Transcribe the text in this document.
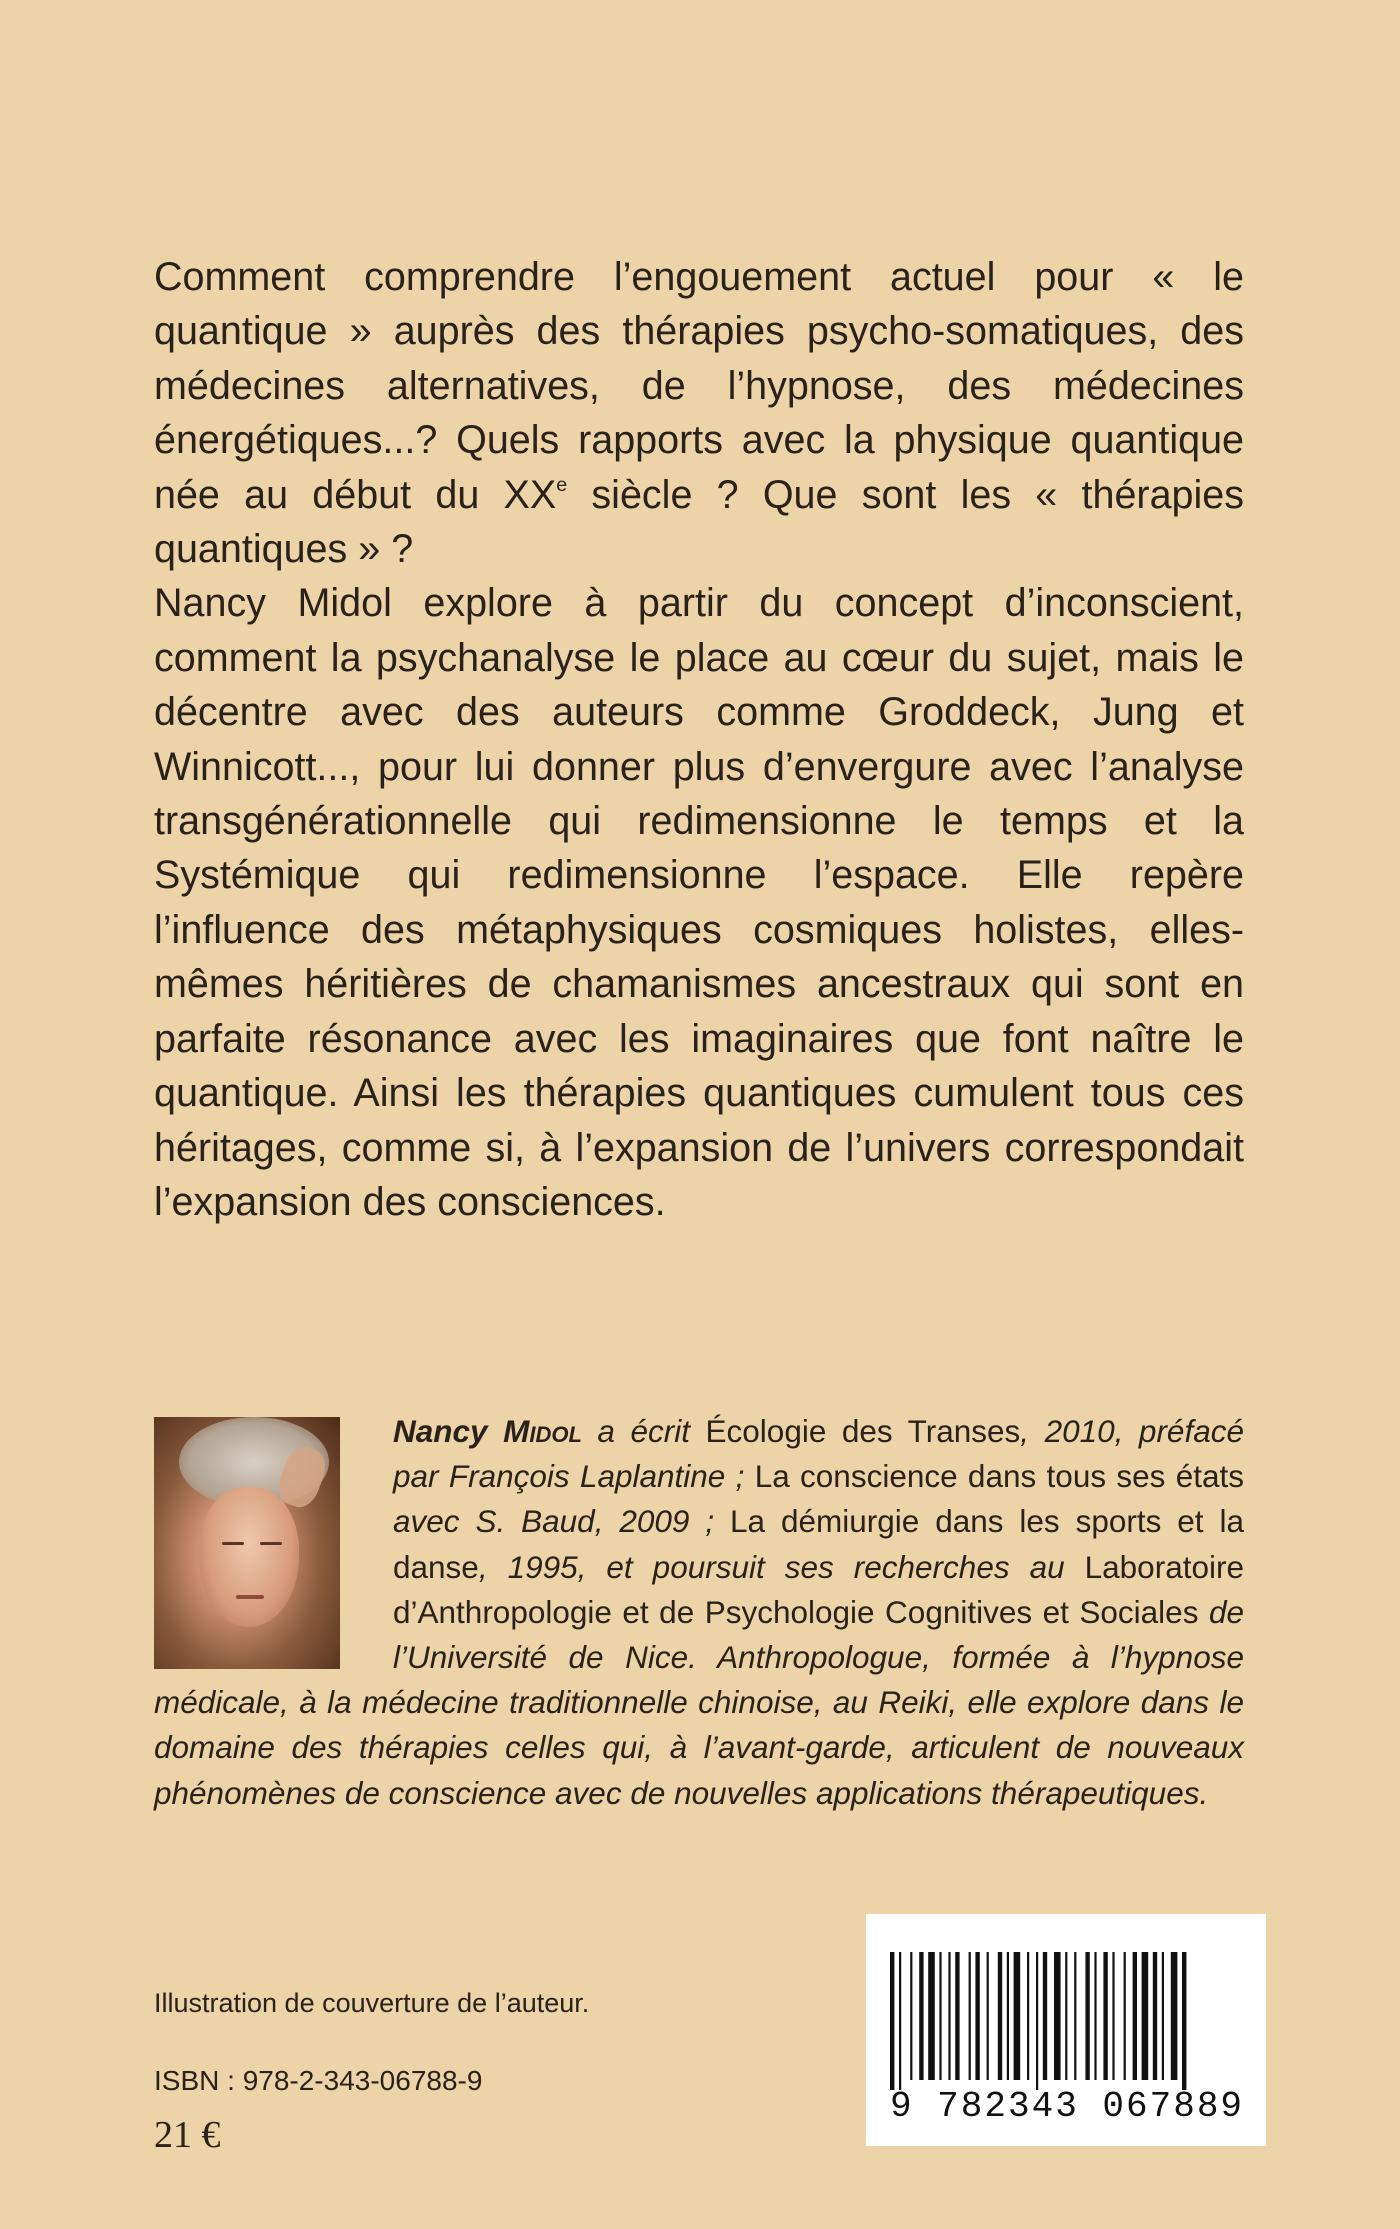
Comment comprendre l’engouement actuel pour « le quantique » auprès des thérapies psycho-somatiques, des médecines alternatives, de l’hypnose, des médecines énergétiques...? Quels rapports avec la physique quantique née au début du XXe siècle ? Que sont les « thérapies quantiques » ?

Nancy Midol explore à partir du concept d’inconscient, comment la psychanalyse le place au cœur du sujet, mais le décentre avec des auteurs comme Groddeck, Jung et Winnicott..., pour lui donner plus d’envergure avec l’analyse transgénérationnelle qui redimensionne le temps et la Systémique qui redimensionne l’espace. Elle repère l’influence des métaphysiques cosmiques holistes, elles-mêmes héritières de chamanismes ancestraux qui sont en parfaite résonance avec les imaginaires que font naître le quantique. Ainsi les thérapies quantiques cumulent tous ces héritages, comme si, à l’expansion de l’univers correspondait l’expansion des consciences.

Nancy Midol a écrit Écologie des Transes, 2010, préfacé par François Laplantine ; La conscience dans tous ses états avec S. Baud, 2009 ; La démiurgie dans les sports et la danse, 1995, et poursuit ses recherches au Laboratoire d’Anthropologie et de Psychologie Cognitives et Sociales de l’Université de Nice. Anthropologue, formée à l’hypnose médicale, à la médecine traditionnelle chinoise, au Reiki, elle explore dans le domaine des thérapies celles qui, à l’avant-garde, articulent de nouveaux phénomènes de conscience avec de nouvelles applications thérapeutiques.

Illustration de couverture de l’auteur.

ISBN : 978-2-343-06788-9

21 €

9 782343 067889
